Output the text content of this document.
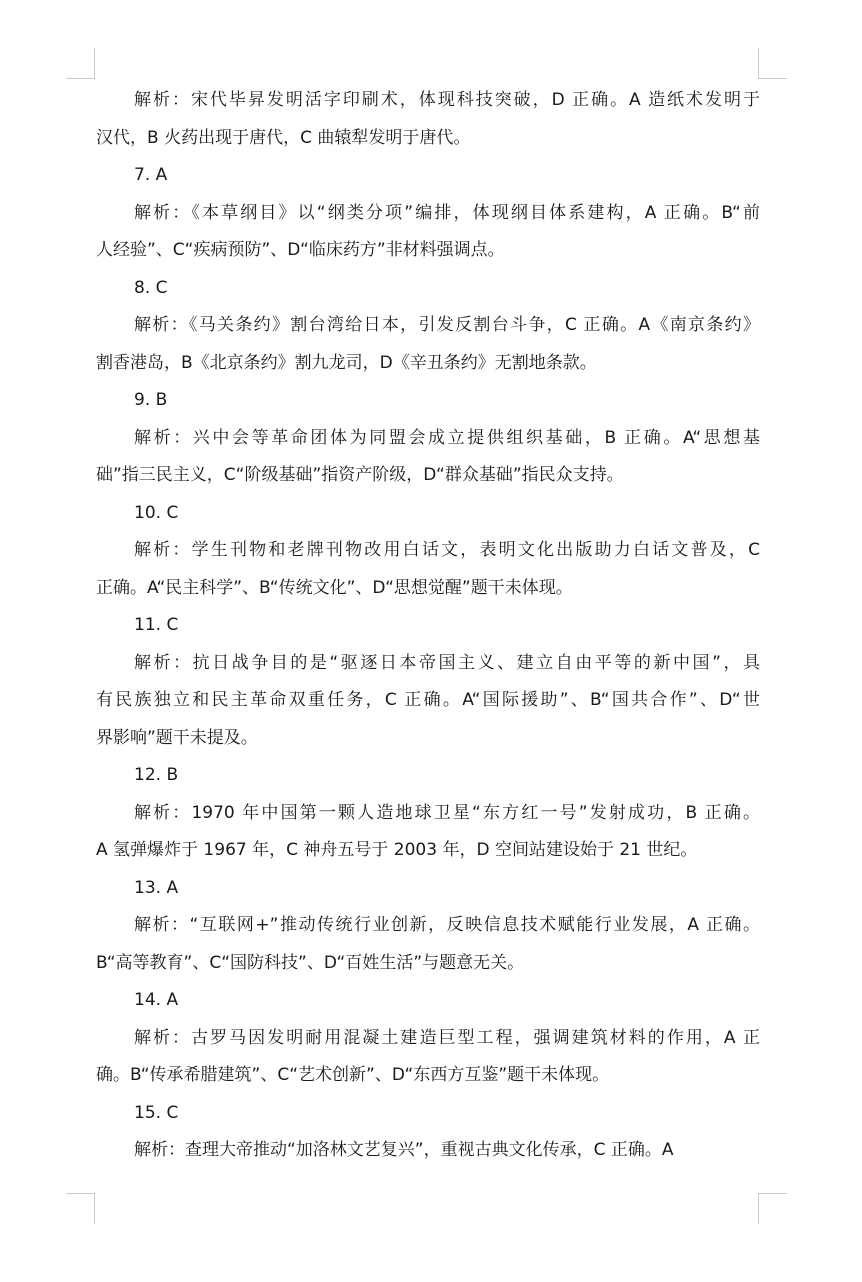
解析：宋代毕昇发明活字印刷术，体现科技突破，D 正确。A 造纸术发明于
汉代，B 火药出现于唐代，C 曲辕犁发明于唐代。
7. A
解析：《本草纲目》以“纲类分项”编排，体现纲目体系建构，A 正确。B“前
人经验”、C“疾病预防”、D“临床药方”非材料强调点。
8. C
解析：《马关条约》割台湾给日本，引发反割台斗争，C 正确。A《南京条约》
割香港岛，B《北京条约》割九龙司，D《辛丑条约》无割地条款。
9. B
解析：兴中会等革命团体为同盟会成立提供组织基础，B 正确。A“思想基
础”指三民主义，C“阶级基础”指资产阶级，D“群众基础”指民众支持。
10. C
解析：学生刊物和老牌刊物改用白话文，表明文化出版助力白话文普及，C
正确。A“民主科学”、B“传统文化”、D“思想觉醒”题干未体现。
11. C
解析：抗日战争目的是“驱逐日本帝国主义、建立自由平等的新中国”，具
有民族独立和民主革命双重任务，C 正确。A“国际援助”、B“国共合作”、D“世
界影响”题干未提及。
12. B
解析：1970 年中国第一颗人造地球卫星“东方红一号”发射成功，B 正确。
A 氢弹爆炸于 1967 年，C 神舟五号于 2003 年，D 空间站建设始于 21 世纪。
13. A
解析：“互联网+”推动传统行业创新，反映信息技术赋能行业发展，A 正确。
B“高等教育”、C“国防科技”、D“百姓生活”与题意无关。
14. A
解析：古罗马因发明耐用混凝土建造巨型工程，强调建筑材料的作用，A 正
确。B“传承希腊建筑”、C“艺术创新”、D“东西方互鉴”题干未体现。
15. C
解析：查理大帝推动“加洛林文艺复兴”，重视古典文化传承，C 正确。A
